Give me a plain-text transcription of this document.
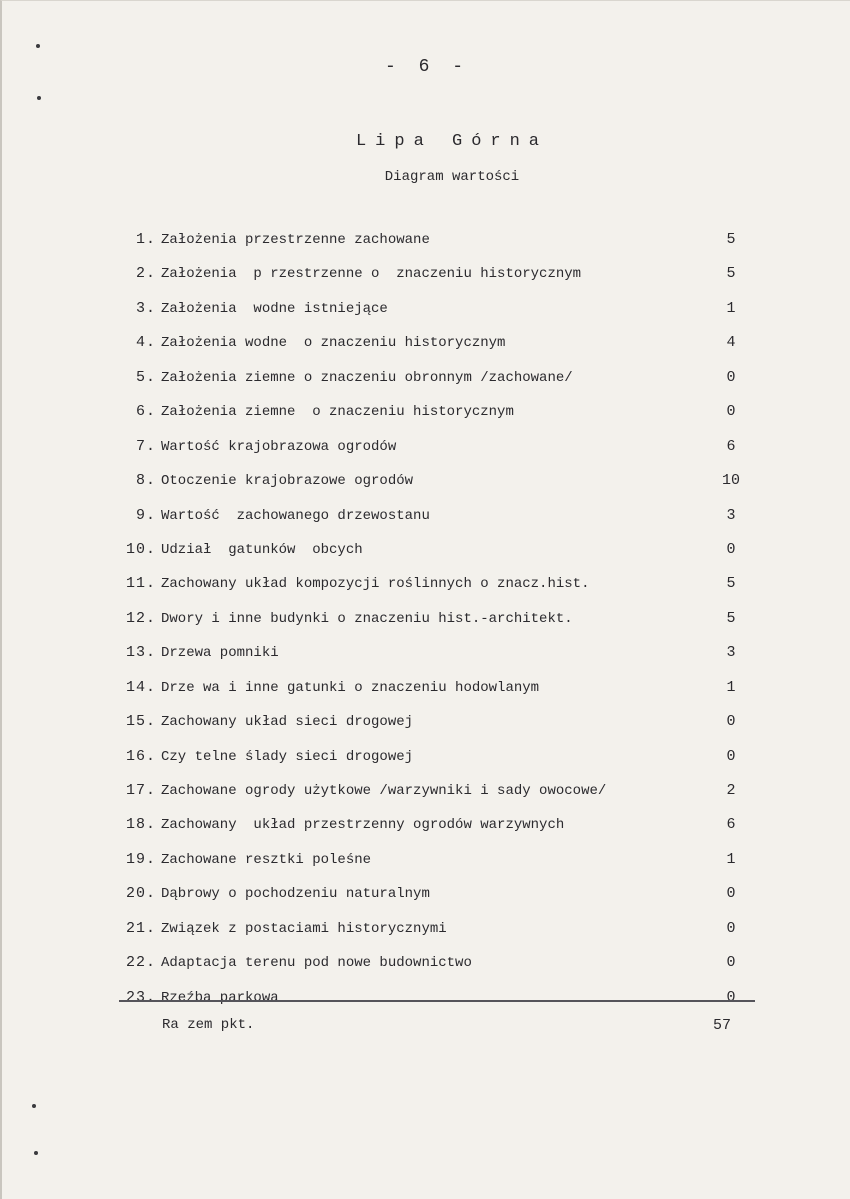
- 6 -
Lipa Górna
Diagram wartości
1. Założenia przestrzenne zachowane	5
2. Założenia  p rzestrzenne o  znaczeniu historycznym	5
3. Założenia  wodne istniejące	1
4. Założenia wodne  o znaczeniu historycznym	4
5. Założenia ziemne o znaczeniu obronnym /zachowane/	0
6. Założenia ziemne  o znaczeniu historycznym	0
7. Wartość krajobrazowa ogrodów	6
8. Otoczenie krajobrazowe ogrodów	10
9. Wartość  zachowanego drzewostanu	3
10. Udział  gatunków  obcych	0
11. Zachowany układ kompozycji roślinnych o znacz.hist.	5
12. Dwory i inne budynki o znaczeniu hist.-architekt.	5
13. Drzewa pomniki	3
14. Drze wa i inne gatunki o znaczeniu hodowlanym	1
15. Zachowany układ sieci drogowej	0
16. Czy telne ślady sieci drogowej	0
17. Zachowane ogrody użytkowe /warzywniki i sady owocowe/	2
18. Zachowany  układ przestrzenny ogrodów warzywnych	6
19. Zachowane resztki poleśne	1
20. Dąbrowy o pochodzeniu naturalnym	0
21. Związek z postaciami historycznymi	0
22. Adaptacja terenu pod nowe budownictwo	0
23. Rzeźba parkowa	0
Ra zem pkt.	57
